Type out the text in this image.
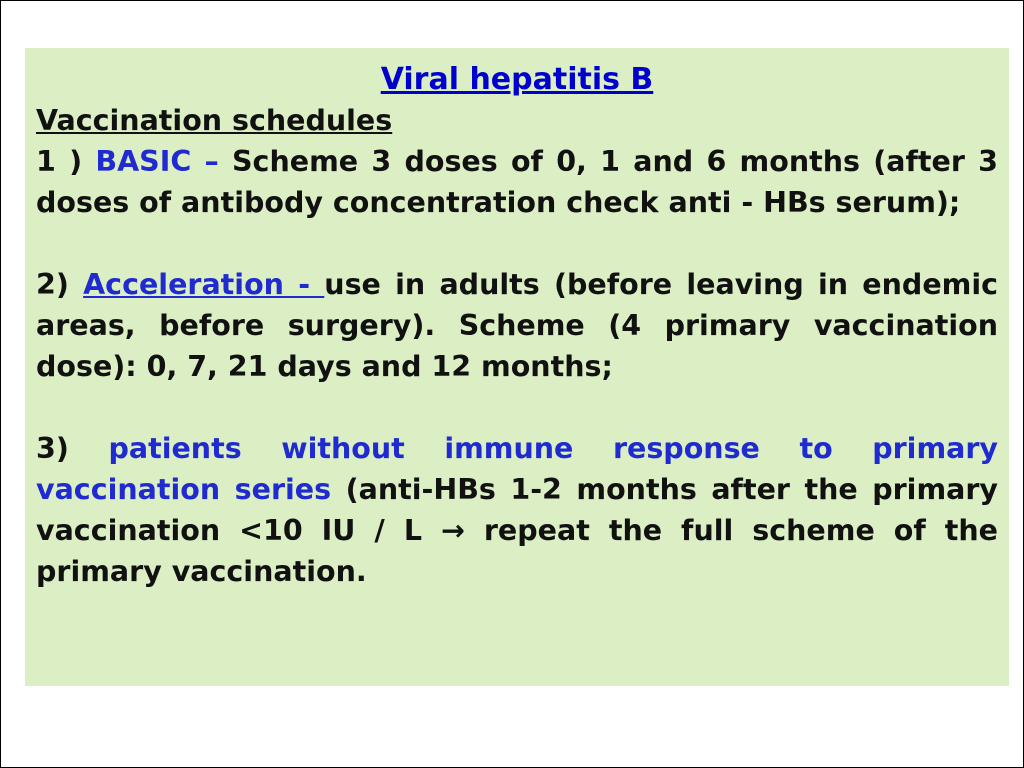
Viral hepatitis B
Vaccination schedules

1 ) BASIC – Scheme 3 doses of 0, 1 and 6 months (after 3 doses of antibody concentration check anti - HBs serum);

2) Acceleration - use in adults (before leaving in endemic areas, before surgery). Scheme (4 primary vaccination dose): 0, 7, 21 days and 12 months;

3) patients without immune response to primary vaccination series (anti-HBs 1-2 months after the primary vaccination <10 IU / L → repeat the full scheme of the primary vaccination.
